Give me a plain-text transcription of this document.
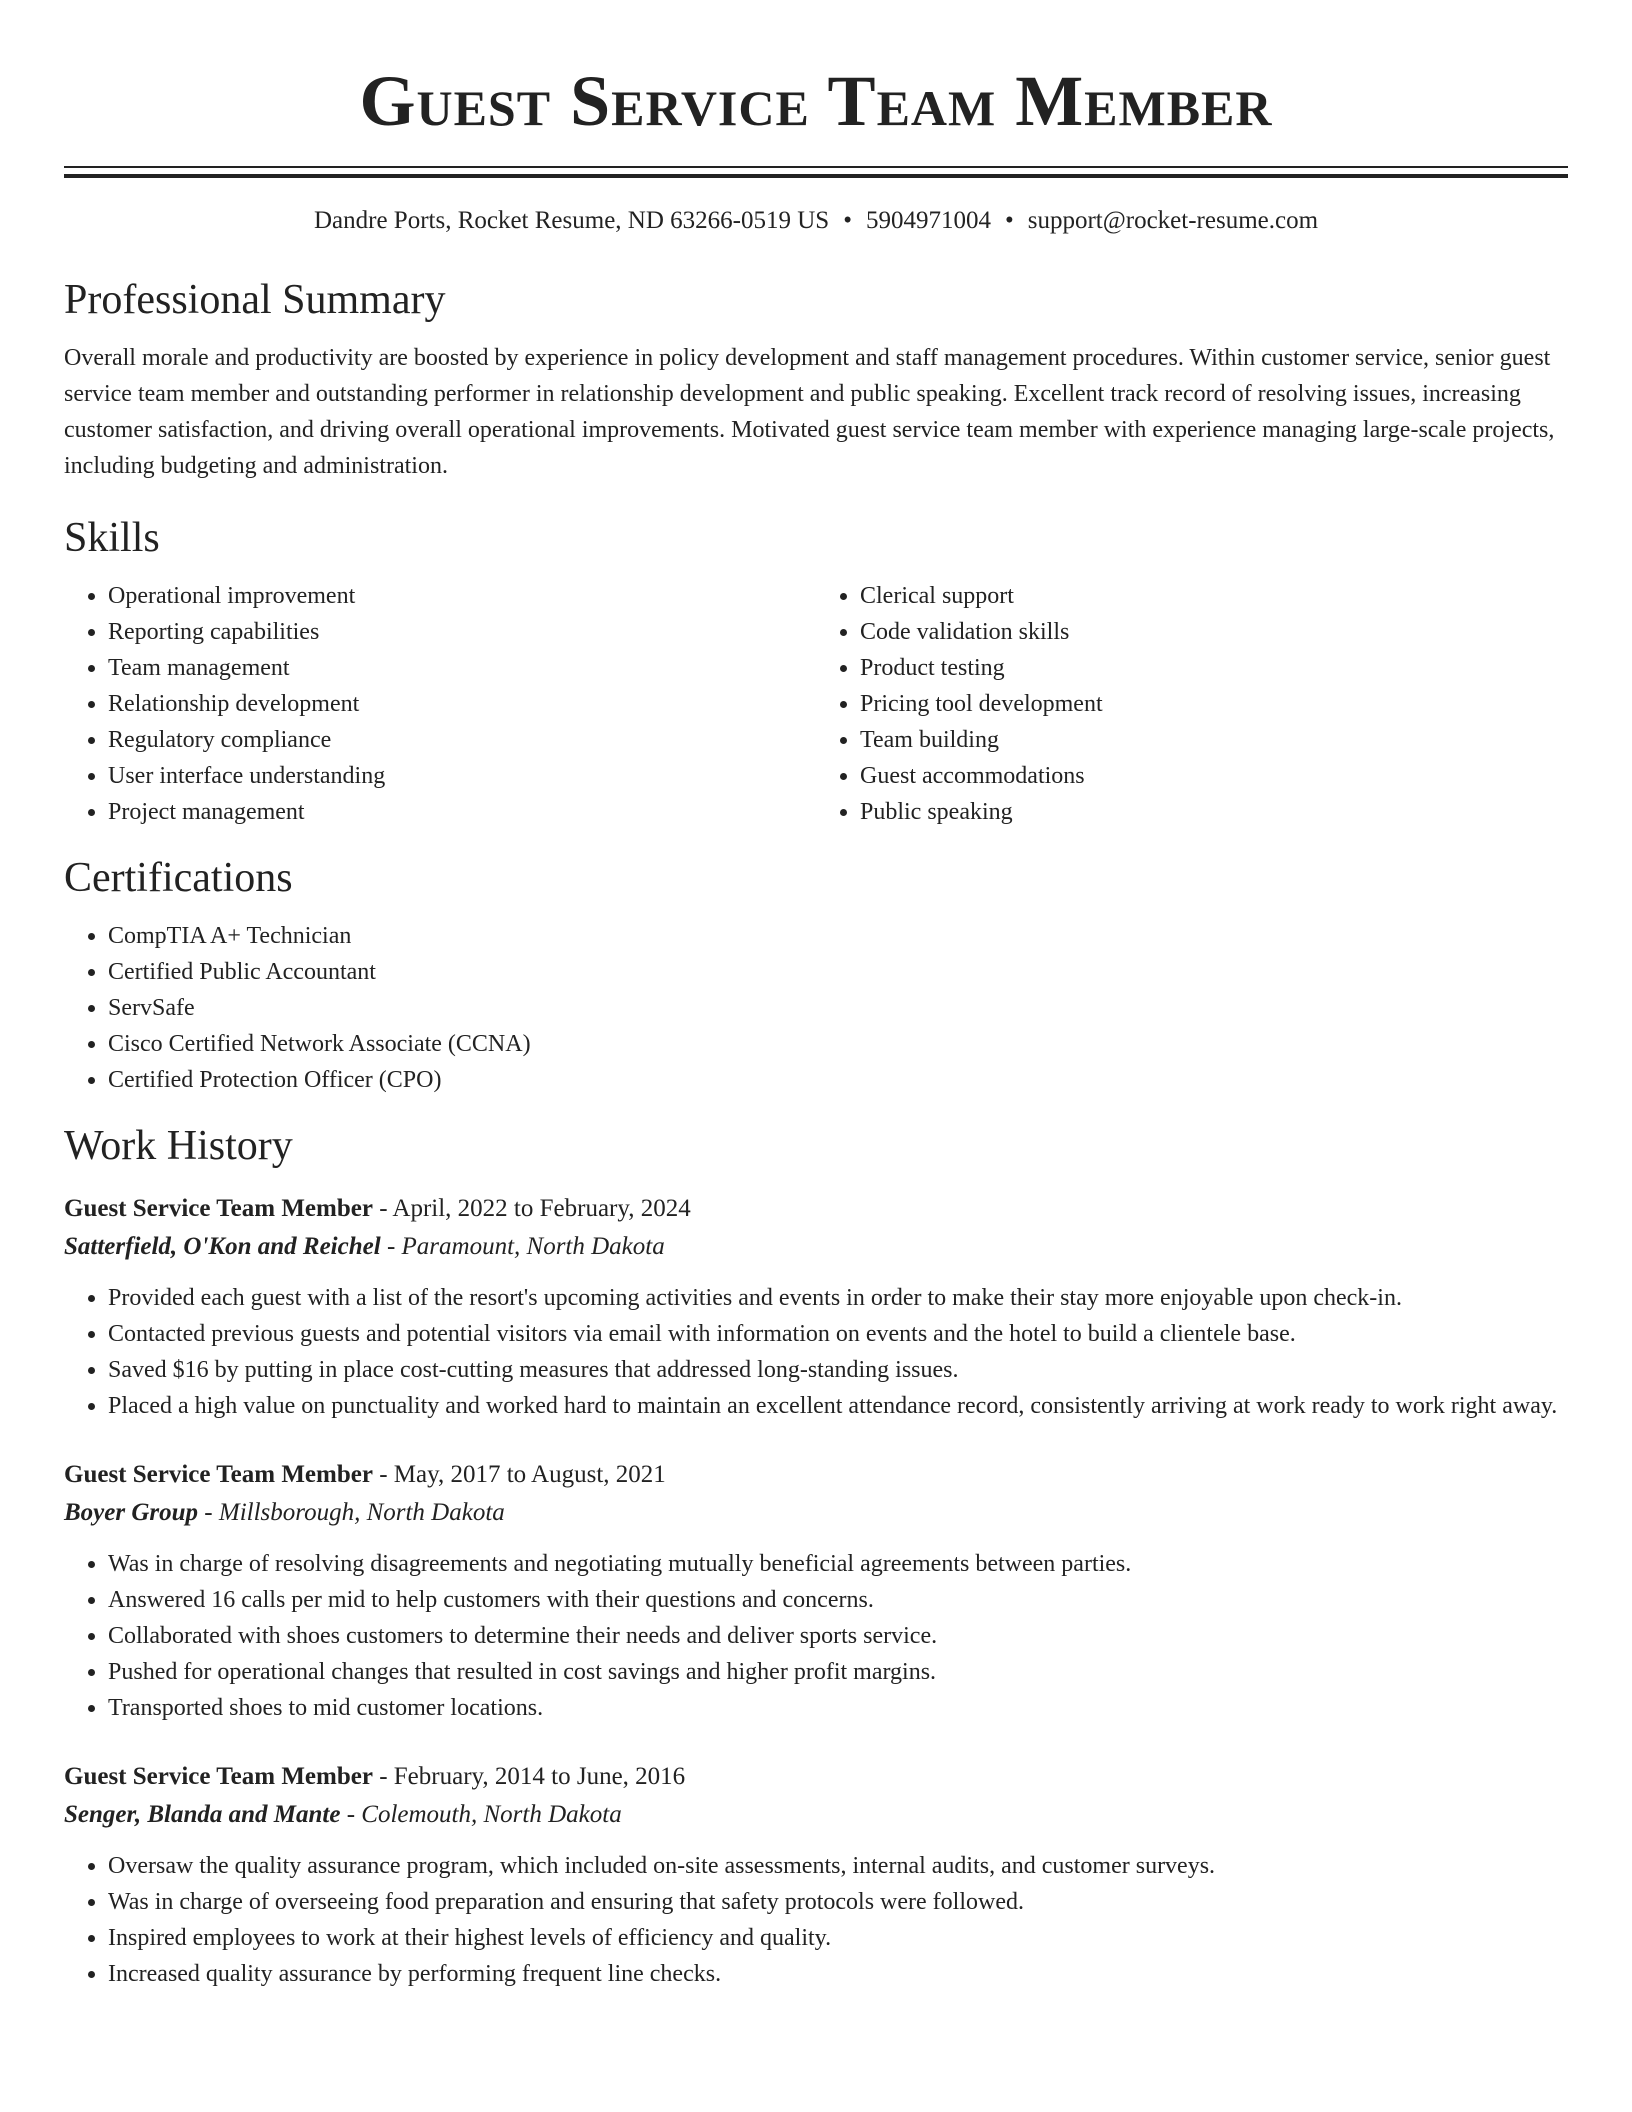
Guest Service Team Member
Dandre Ports, Rocket Resume, ND 63266-0519 US • 5904971004 • support@rocket-resume.com
Professional Summary

Overall morale and productivity are boosted by experience in policy development and staff management procedures. Within customer service, senior guest service team member and outstanding performer in relationship development and public speaking. Excellent track record of resolving issues, increasing customer satisfaction, and driving overall operational improvements. Motivated guest service team member with experience managing large-scale projects, including budgeting and administration.

Skills
• Operational improvement
• Reporting capabilities
• Team management
• Relationship development
• Regulatory compliance
• User interface understanding
• Project management
• Clerical support
• Code validation skills
• Product testing
• Pricing tool development
• Team building
• Guest accommodations
• Public speaking
Certifications
• CompTIA A+ Technician
• Certified Public Accountant
• ServSafe
• Cisco Certified Network Associate (CCNA)
• Certified Protection Officer (CPO)
Work History
Guest Service Team Member - April, 2022 to February, 2024
Satterfield, O'Kon and Reichel - Paramount, North Dakota
• Provided each guest with a list of the resort's upcoming activities and events in order to make their stay more enjoyable upon check-in.
• Contacted previous guests and potential visitors via email with information on events and the hotel to build a clientele base.
• Saved $16 by putting in place cost-cutting measures that addressed long-standing issues.
• Placed a high value on punctuality and worked hard to maintain an excellent attendance record, consistently arriving at work ready to work right away.
Guest Service Team Member - May, 2017 to August, 2021
Boyer Group - Millsborough, North Dakota
• Was in charge of resolving disagreements and negotiating mutually beneficial agreements between parties.
• Answered 16 calls per mid to help customers with their questions and concerns.
• Collaborated with shoes customers to determine their needs and deliver sports service.
• Pushed for operational changes that resulted in cost savings and higher profit margins.
• Transported shoes to mid customer locations.
Guest Service Team Member - February, 2014 to June, 2016
Senger, Blanda and Mante - Colemouth, North Dakota
• Oversaw the quality assurance program, which included on-site assessments, internal audits, and customer surveys.
• Was in charge of overseeing food preparation and ensuring that safety protocols were followed.
• Inspired employees to work at their highest levels of efficiency and quality.
• Increased quality assurance by performing frequent line checks.
